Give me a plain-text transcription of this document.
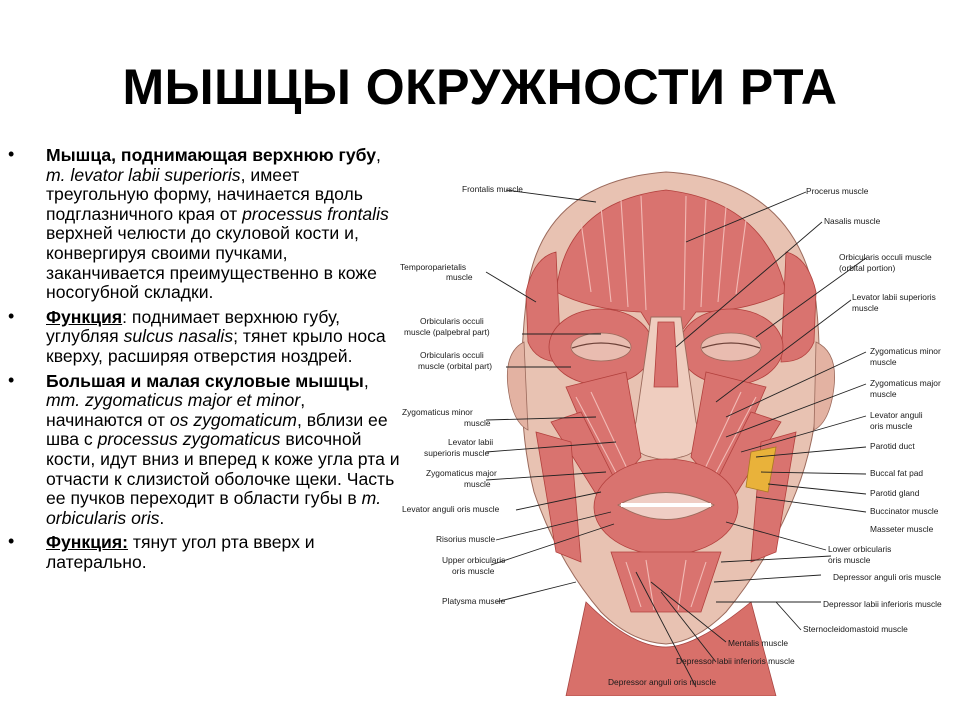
МЫШЦЫ ОКРУЖНОСТИ РТА
• Мышца, поднимающая верхнюю губу, m. levator labii superioris, имеет треугольную форму, начинается вдоль подглазничного края от processus frontalis верхней челюсти до скуловой кости и, конвергируя своими пучками, заканчивается преимущественно в коже носогубной складки.
• Функция: поднимает верхнюю губу, углубляя sulcus nasalis; тянет крыло носа кверху, расширяя отверстия ноздрей.
• Большая и малая скуловые мышцы, mm. zygomaticus major et minor, начинаются от os zygomaticum, вблизи ее шва с processus zygomaticus височной кости, идут вниз и вперед к коже угла рта и отчасти к слизистой оболочке щеки. Часть ее пучков переходит в области губы в m. orbicularis oris.
• Функция: тянут угол рта вверх и латерально.
Frontalis muscle
Temporoparietalis
muscle
Orbicularis occuli
muscle (palpebral part)
Orbicularis occuli
muscle (orbital part)
Zygomaticus minor
muscle
Levator labii
superioris muscle
Zygomaticus major
muscle
Levator anguli oris muscle
Risorius muscle
Upper orbicularis
oris muscle
Platysma muscle
Procerus muscle
Nasalis muscle
Orbicularis occuli muscle
(orbital portion)
Levator labii superioris
muscle
Zygomaticus minor
muscle
Zygomaticus major
muscle
Levator anguli
oris muscle
Parotid duct
Buccal fat pad
Parotid gland
Buccinator muscle
Masseter muscle
Lower orbicularis
oris muscle
Depressor anguli oris muscle
Depressor labii inferioris muscle
Sternocleidomastoid muscle
Mentalis muscle
Depressor labii inferioris muscle
Depressor anguli oris muscle
